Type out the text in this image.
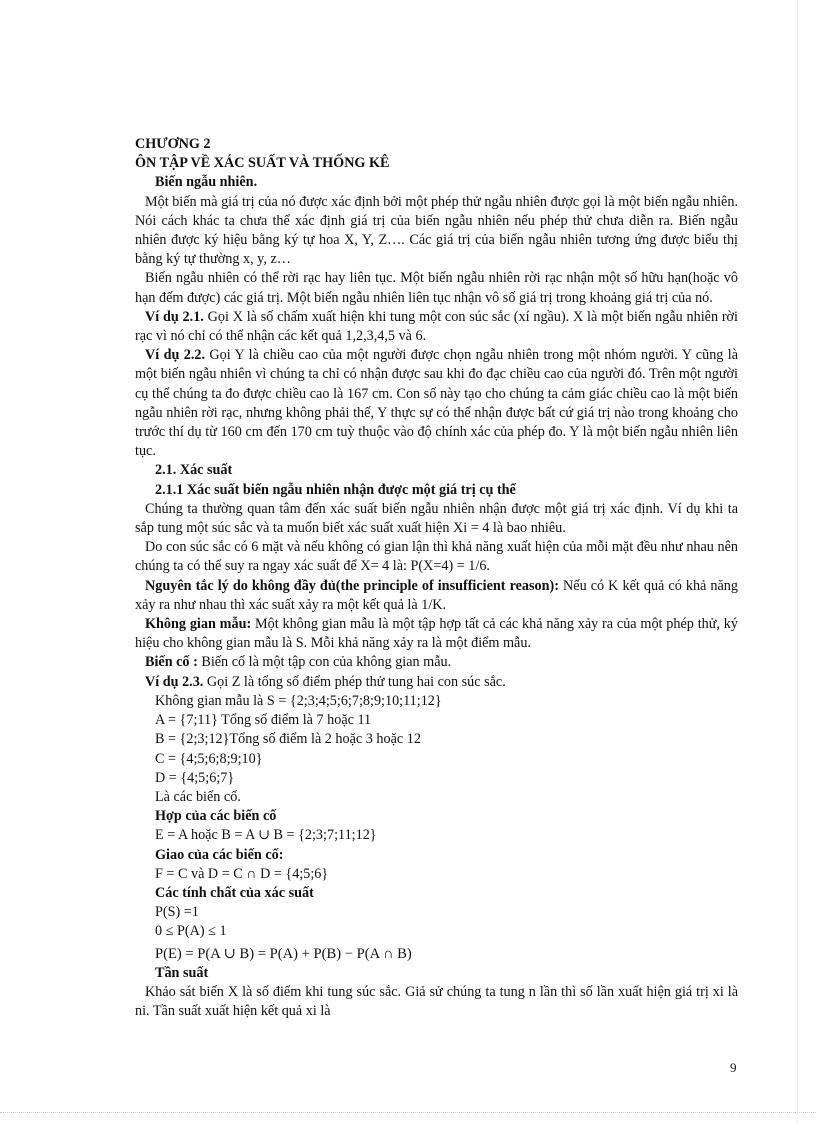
CHƯƠNG 2

ÔN TẬP VỀ XÁC SUẤT VÀ THỐNG KÊ

Biến ngẫu nhiên.

Một biến mà giá trị của nó được xác định bởi một phép thử ngẫu nhiên được gọi là một biến ngẫu nhiên. Nói cách khác ta chưa thể xác định giá trị của biến ngẫu nhiên nếu phép thử chưa diễn ra. Biến ngẫu nhiên được ký hiệu bằng ký tự hoa X, Y, Z…. Các giá trị của biến ngẫu nhiên tương ứng được biểu thị bằng ký tự thường x, y, z…

Biến ngẫu nhiên có thể rời rạc hay liên tục. Một biến ngẫu nhiên rời rạc nhận một số hữu hạn(hoặc vô hạn đếm được) các giá trị. Một biến ngẫu nhiên liên tục nhận vô số giá trị trong khoảng giá trị của nó.

Ví dụ 2.1. Gọi X là số chấm xuất hiện khi tung một con súc sắc (xí ngầu). X là một biến ngẫu nhiên rời rạc vì nó chỉ có thể nhận các kết quả 1,2,3,4,5 và 6.

Ví dụ 2.2. Gọi Y là chiều cao của một người được chọn ngẫu nhiên trong một nhóm người. Y cũng là một biến ngẫu nhiên vì chúng ta chỉ có nhận được sau khi đo đạc chiều cao của người đó. Trên một người cụ thể chúng ta đo được chiều cao là 167 cm. Con số này tạo cho chúng ta cảm giác chiều cao là một biến ngẫu nhiên rời rạc, nhưng không phải thế, Y thực sự có thể nhận được bất cứ giá trị nào trong khoảng cho trước thí dụ từ 160 cm đến 170 cm tuỳ thuộc vào độ chính xác của phép đo. Y là một biến ngẫu nhiên liên tục.

2.1. Xác suất

2.1.1 Xác suất biến ngẫu nhiên nhận được một giá trị cụ thể

Chúng ta thường quan tâm đến xác suất biến ngẫu nhiên nhận được một giá trị xác định. Ví dụ khi ta sắp tung một súc sắc và ta muốn biết xác suất xuất hiện Xi = 4 là bao nhiêu.

Do con súc sắc có 6 mặt và nếu không có gian lận thì khả năng xuất hiện của mỗi mặt đều như nhau nên chúng ta có thể suy ra ngay xác suất để X= 4 là: P(X=4) = 1/6.

Nguyên tắc lý do không đầy đủ(the principle of insufficient reason): Nếu có K kết quả có khả năng xảy ra như nhau thì xác suất xảy ra một kết quả là 1/K.

Không gian mẫu: Một không gian mẫu là một tập hợp tất cả các khả năng xảy ra của một phép thử, ký hiệu cho không gian mẫu là S. Mỗi khả năng xảy ra là một điểm mẫu.

Biến cố : Biến cố là một tập con của không gian mẫu.

Ví dụ 2.3. Gọi Z là tổng số điểm phép thử tung hai con súc sắc.

Không gian mẫu là S = {2;3;4;5;6;7;8;9;10;11;12}

A = {7;11} Tổng số điểm là 7 hoặc 11

B = {2;3;12}Tổng số điểm là 2 hoặc 3 hoặc 12

C = {4;5;6;8;9;10}

D = {4;5;6;7}

Là các biến cố.

Hợp của các biến cố

E = A hoặc B = A ∪ B = {2;3;7;11;12}

Giao của các biến cố:

F = C và D = C ∩ D = {4;5;6}

Các tính chất của xác suất

P(S) =1

0 ≤ P(A) ≤ 1

P(E) = P(A ∪ B) = P(A) + P(B) − P(A ∩ B)

Tần suất

Khảo sát biến X là số điểm khi tung súc sắc. Giả sử chúng ta tung n lần thì số lần xuất hiện giá trị xi là ni. Tần suất xuất hiện kết quả xi là

9
